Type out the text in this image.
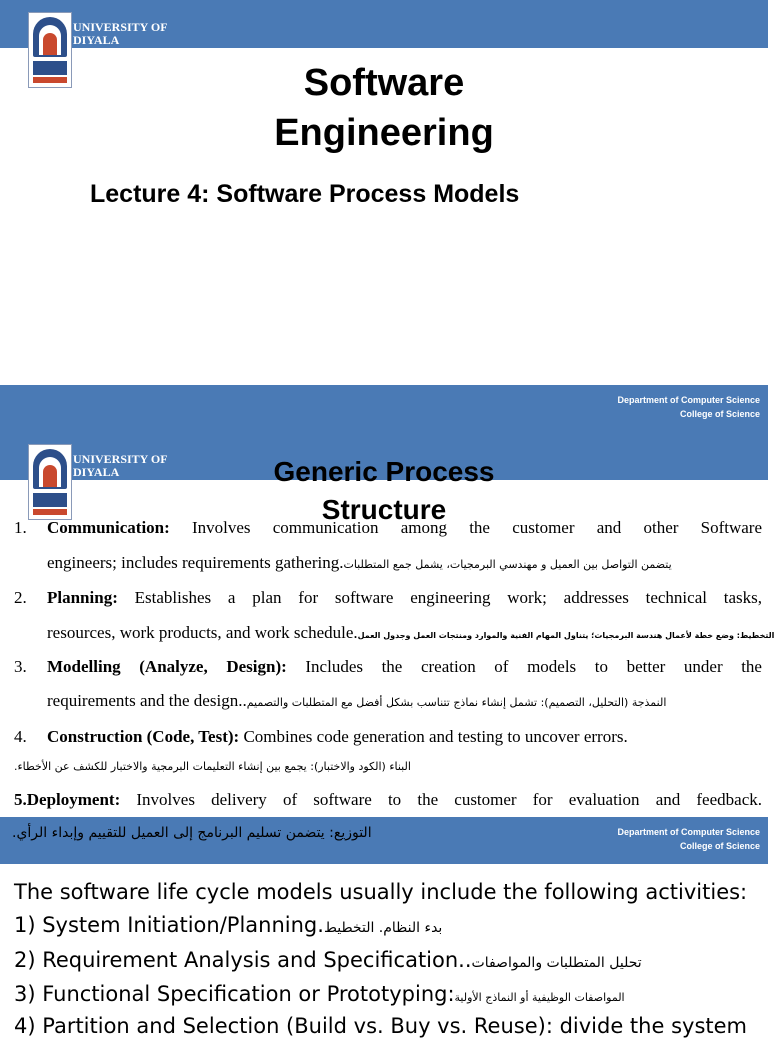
UNIVERSITY OF
DIYALA
Software
Engineering
Lecture 4: Software Process Models
Department of Computer Science
College of Science
UNIVERSITY OF
DIYALA	Generic Process
Structure
1. Communication: Involves communication among the customer and other Software
engineers; includes requirements gathering.يتضمن التواصل بين العميل و مهندسي البرمجيات، يشمل جمع المتطلبات
2. Planning: Establishes a plan for software engineering work; addresses technical tasks,
resources, work products, and work schedule.التخطيط: وضع خطة لأعمال هندسة البرمجيات؛ يتناول المهام الفنية والموارد ومنتجات العمل وجدول العمل
3. Modelling (Analyze, Design): Includes the creation of models to better under the
requirements and the design..النمذجة (التحليل، التصميم): تشمل إنشاء نماذج تتناسب بشكل أفضل مع المتطلبات والتصميم
4. Construction (Code, Test): Combines code generation and testing to uncover errors.
البناء (الكود والاختبار): يجمع بين إنشاء التعليمات البرمجية والاختبار للكشف عن الأخطاء.
5.Deployment: Involves delivery of software to the customer for evaluation and feedback.
التوزيع: يتضمن تسليم البرنامج إلى العميل للتقييم وإبداء الرأي.	Department of Computer Science
College of Science
The software life cycle models usually include the following activities:
1) System Initiation/Planning.بدء النظام. التخطيط
2) Requirement Analysis and Specification..تحليل المتطلبات والمواصفات
3) Functional Specification or Prototyping:المواصفات الوظيفية أو النماذج الأولية
4) Partition and Selection (Build vs. Buy vs. Reuse): divide the system
